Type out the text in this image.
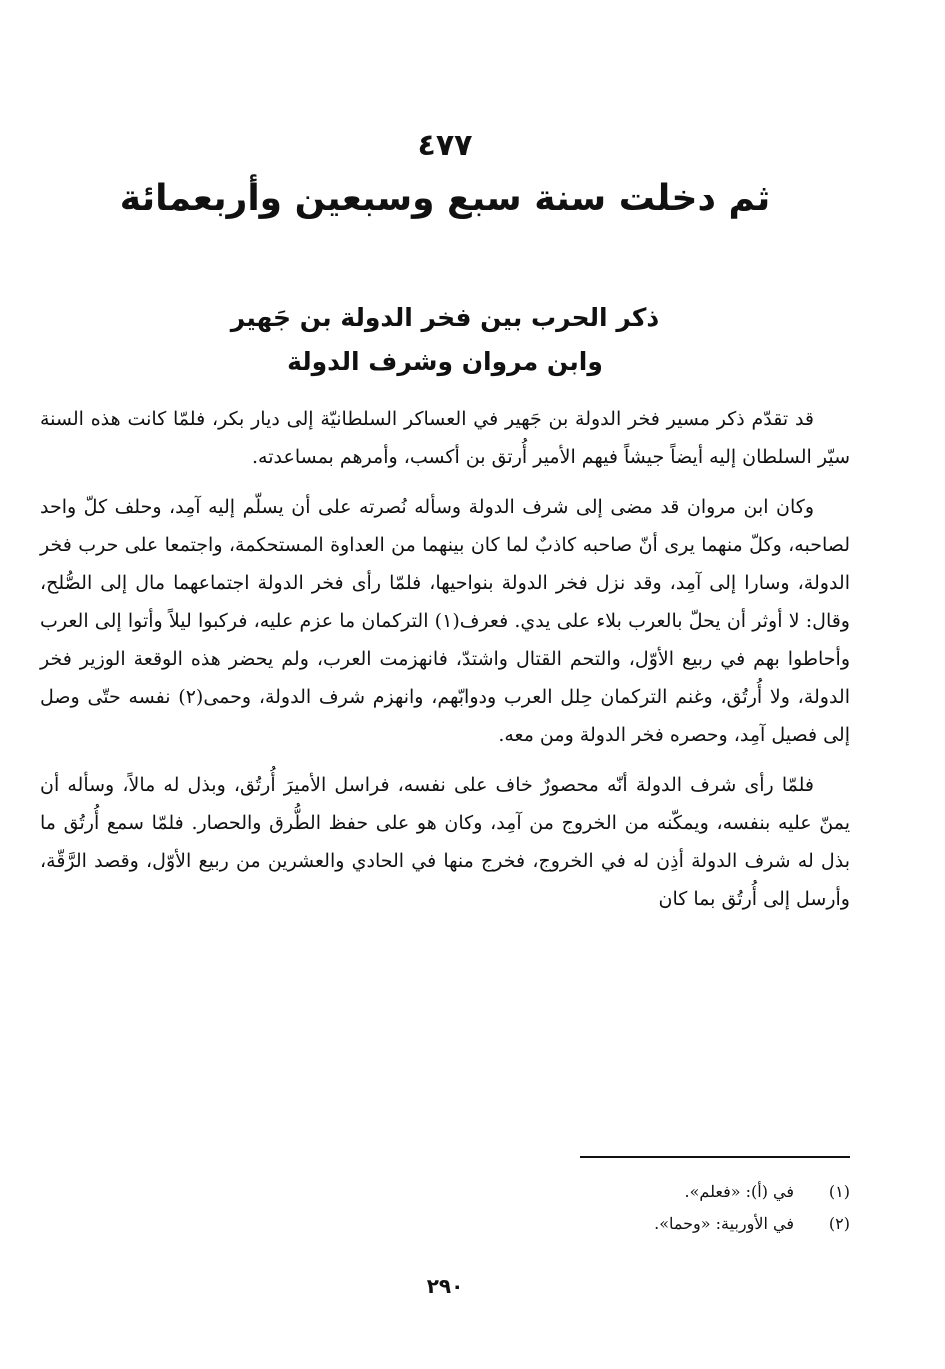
٤٧٧
ثم دخلت سنة سبع وسبعين وأربعمائة
ذكر الحرب بين فخر الدولة بن جَهير
وابن مروان وشرف الدولة

قد تقدّم ذكر مسير فخر الدولة بن جَهير في العساكر السلطانيّة إلى ديار بكر، فلمّا كانت هذه السنة سيّر السلطان إليه أيضاً جيشاً فيهم الأمير أُرتق بن أكسب، وأمرهم بمساعدته.

وكان ابن مروان قد مضى إلى شرف الدولة وسأله نُصرته على أن يسلّم إليه آمِد، وحلف كلّ واحد لصاحبه، وكلّ منهما يرى أنّ صاحبه كاذبٌ لما كان بينهما من العداوة المستحكمة، واجتمعا على حرب فخر الدولة، وسارا إلى آمِد، وقد نزل فخر الدولة بنواحيها، فلمّا رأى فخر الدولة اجتماعهما مال إلى الصُّلح، وقال: لا أوثر أن يحلّ بالعرب بلاء على يدي. فعرف(١) التركمان ما عزم عليه، فركبوا ليلاً وأتوا إلى العرب وأحاطوا بهم في ربيع الأوّل، والتحم القتال واشتدّ، فانهزمت العرب، ولم يحضر هذه الوقعة الوزير فخر الدولة، ولا أُرتُق، وغنم التركمان حِلل العرب ودوابّهم، وانهزم شرف الدولة، وحمى(٢) نفسه حتّى وصل إلى فصيل آمِد، وحصره فخر الدولة ومن معه.

فلمّا رأى شرف الدولة أنّه محصورٌ خاف على نفسه، فراسل الأميرَ أُرتُق، وبذل له مالاً، وسأله أن يمنّ عليه بنفسه، ويمكّنه من الخروج من آمِد، وكان هو على حفظ الطُّرق والحصار. فلمّا سمع أُرتُق ما بذل له شرف الدولة أذِن له في الخروج، فخرج منها في الحادي والعشرين من ربيع الأوّل، وقصد الرَّقّة، وأرسل إلى أُرتُق بما كان

(١)
في (أ): «فعلم».
(٢)
في الأوربية: «وحما».
٢٩٠
